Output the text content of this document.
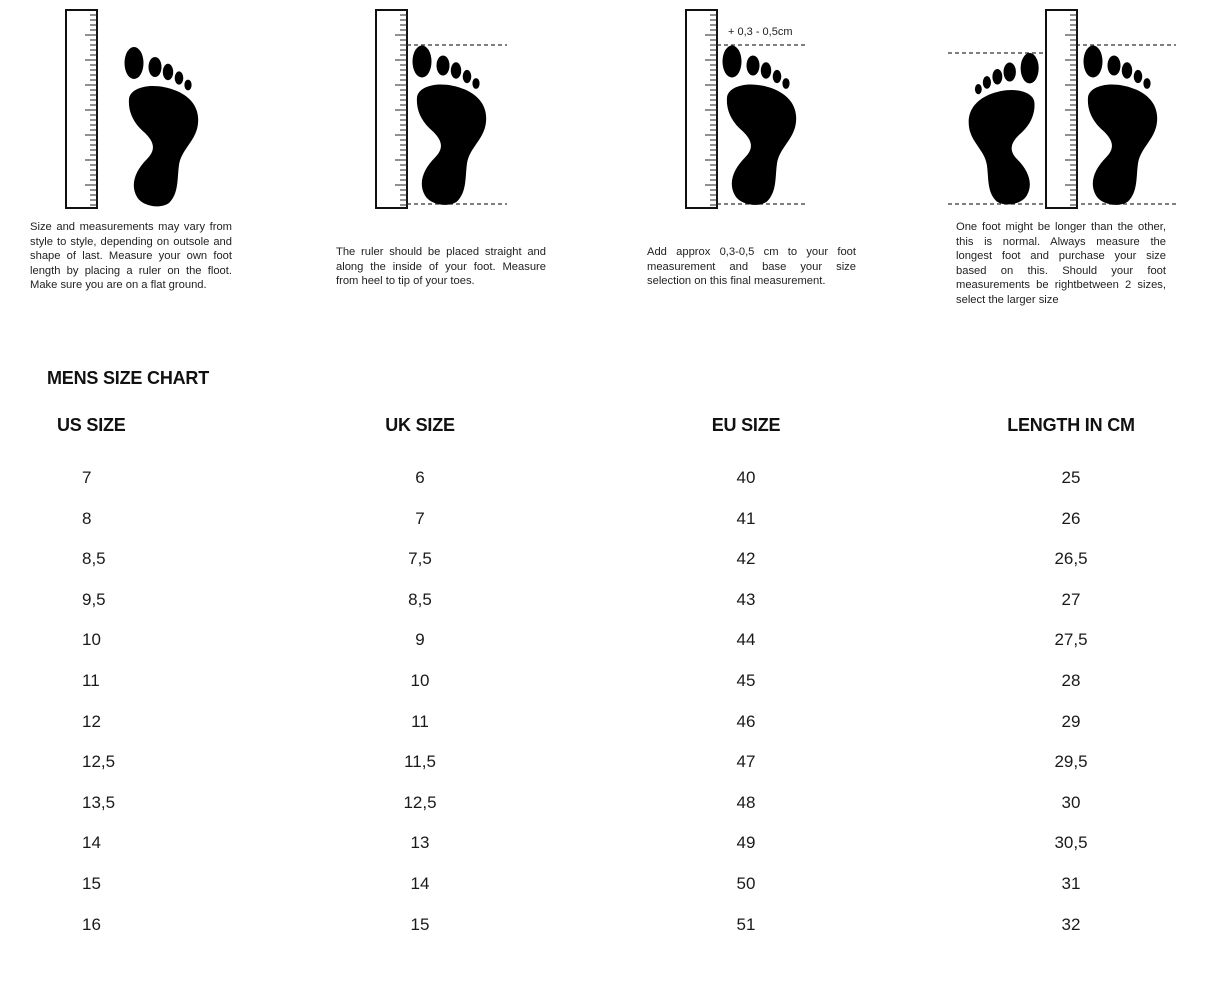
Size and measurements may vary from style to style, depending on outsole and shape of last. Measure your own foot length by placing a ruler on the floot. Make sure you are on a flat ground.

The ruler should be placed straight and along the inside of your foot. Measure from heel to tip of your toes.

+ 0,3 - 0,5cm

Add approx 0,3-0,5 cm to your foot measurement and base your size selection on this final measurement.

One foot might be longer than the other, this is normal. Always measure the longest foot and purchase your size based on this. Should your foot measurements be rightbetween 2 sizes, select the larger size

MENS SIZE CHART
US SIZE	UK SIZE	EU SIZE	LENGTH IN CM
7	6	40	25
8	7	41	26
8,5	7,5	42	26,5
9,5	8,5	43	27
10	9	44	27,5
11	10	45	28
12	11	46	29
12,5	11,5	47	29,5
13,5	12,5	48	30
14	13	49	30,5
15	14	50	31
16	15	51	32
